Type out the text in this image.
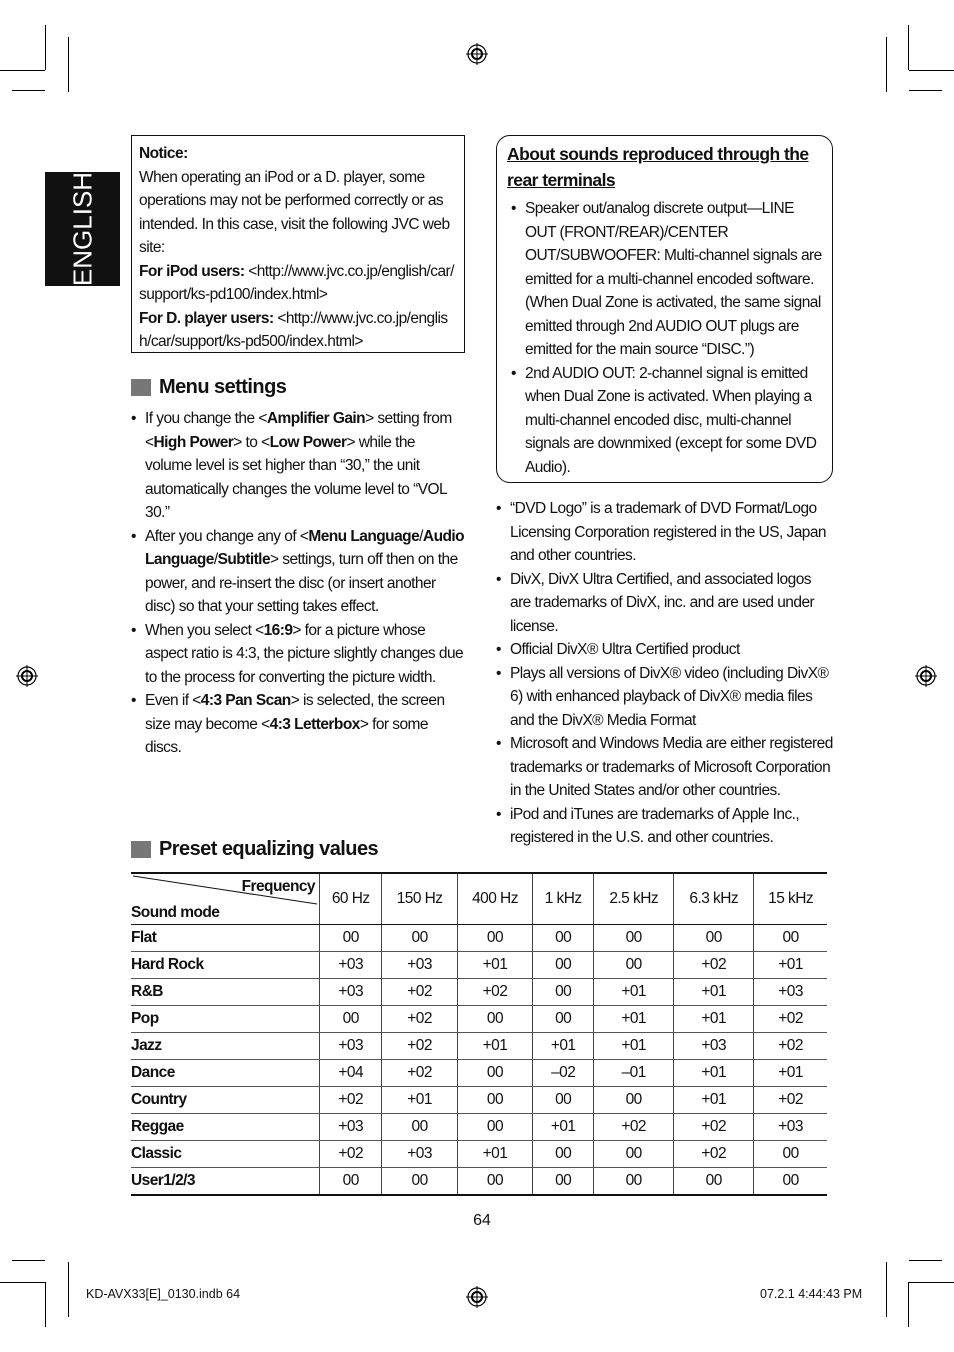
ENGLISH
Notice:
When operating an iPod or a D. player, some operations may not be performed correctly or as intended. In this case, visit the following JVC web site:
For iPod users: <http://www.jvc.co.jp/english/car/support/ks-pd100/index.html>
For D. player users: <http://www.jvc.co.jp/english/car/support/ks-pd500/index.html>
Menu settings
• If you change the <Amplifier Gain> setting from <High Power> to <Low Power> while the volume level is set higher than “30,” the unit automatically changes the volume level to “VOL 30.”
• After you change any of <Menu Language/Audio Language/Subtitle> settings, turn off then on the power, and re-insert the disc (or insert another disc) so that your setting takes effect.
• When you select <16:9> for a picture whose aspect ratio is 4:3, the picture slightly changes due to the process for converting the picture width.
• Even if <4:3 Pan Scan> is selected, the screen size may become <4:3 Letterbox> for some discs.
About sounds reproduced through the
rear terminals
• Speaker out/analog discrete output—LINE OUT (FRONT/REAR)/CENTER OUT/SUBWOOFER: Multi-channel signals are emitted for a multi-channel encoded software. (When Dual Zone is activated, the same signal emitted through 2nd AUDIO OUT plugs are emitted for the main source “DISC.”)
• 2nd AUDIO OUT: 2-channel signal is emitted when Dual Zone is activated. When playing a multi-channel encoded disc, multi-channel signals are downmixed (except for some DVD Audio).
• “DVD Logo” is a trademark of DVD Format/Logo Licensing Corporation registered in the US, Japan and other countries.
• DivX, DivX Ultra Certified, and associated logos are trademarks of DivX, inc. and are used under license.
• Official DivX® Ultra Certified product
• Plays all versions of DivX® video (including DivX® 6) with enhanced playback of DivX® media files and the DivX® Media Format
• Microsoft and Windows Media are either registered trademarks or trademarks of Microsoft Corporation in the United States and/or other countries.
• iPod and iTunes are trademarks of Apple Inc., registered in the U.S. and other countries.
Preset equalizing values
Frequency
Sound mode	60 Hz	150 Hz	400 Hz	1 kHz	2.5 kHz	6.3 kHz	15 kHz
Flat	00	00	00	00	00	00	00
Hard Rock	+03	+03	+01	00	00	+02	+01
R&B	+03	+02	+02	00	+01	+01	+03
Pop	00	+02	00	00	+01	+01	+02
Jazz	+03	+02	+01	+01	+01	+03	+02
Dance	+04	+02	00	–02	–01	+01	+01
Country	+02	+01	00	00	00	+01	+02
Reggae	+03	00	00	+01	+02	+02	+03
Classic	+02	+03	+01	00	00	+02	00
User1/2/3	00	00	00	00	00	00	00
64
KD-AVX33[E]_0130.indb 64	07.2.1 4:44:43 PM
